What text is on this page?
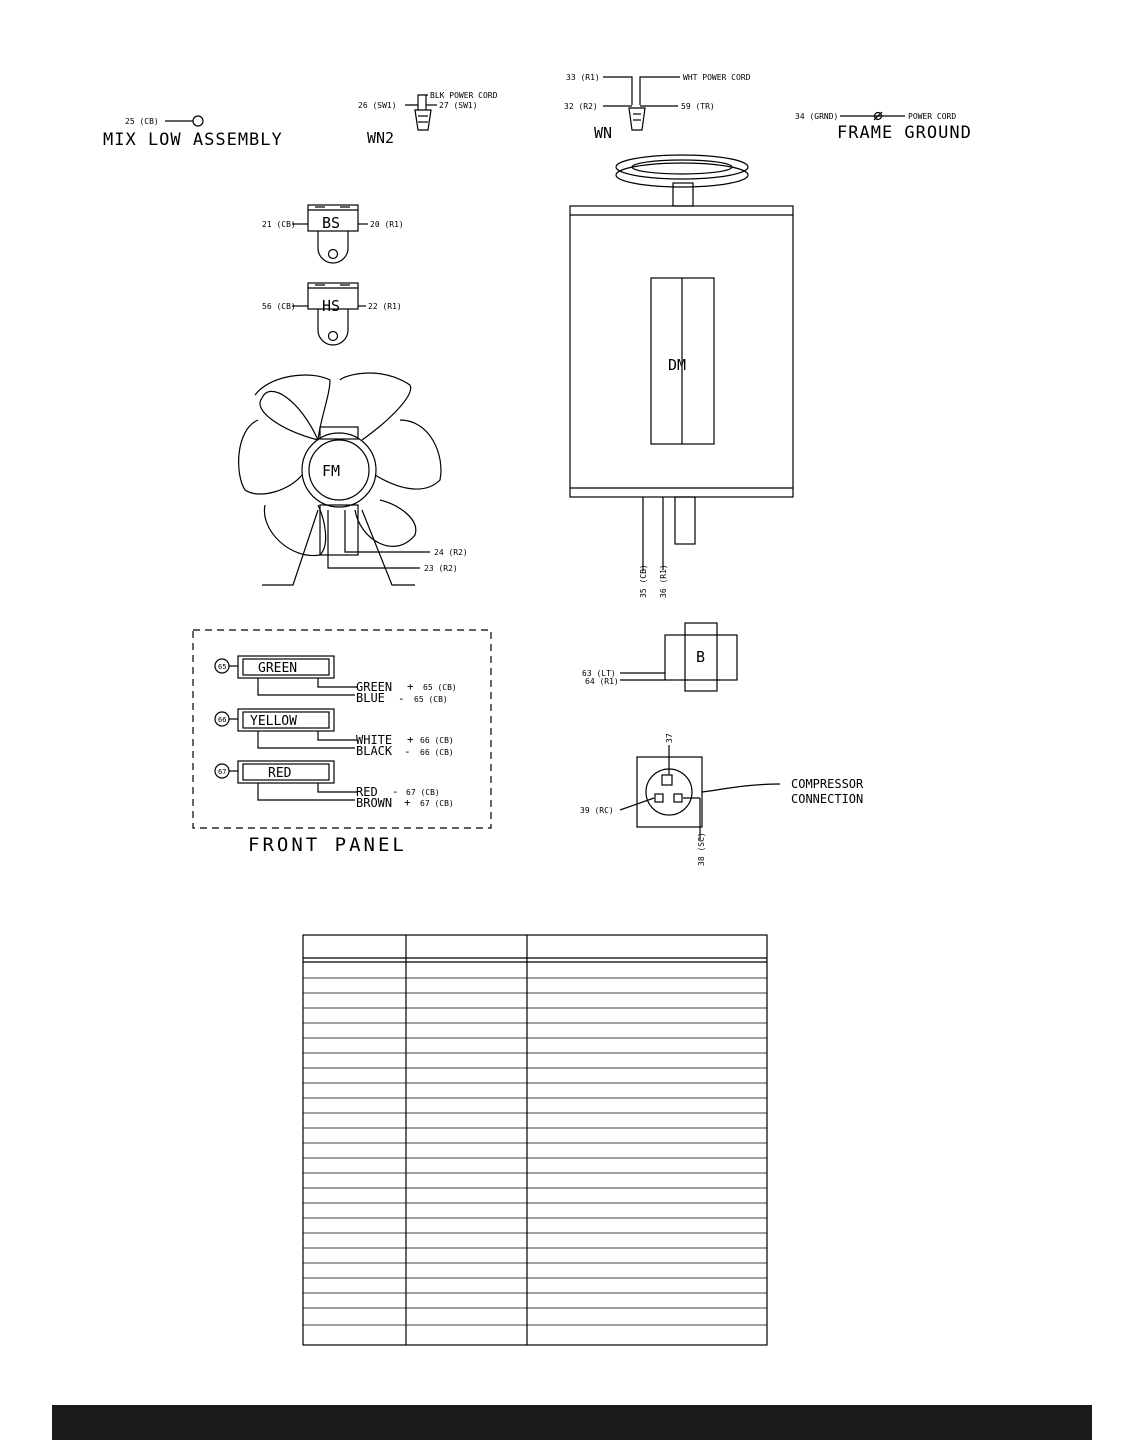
25 (CB)
MIX LOW ASSEMBLY
26 (SW1)
BLK POWER CORD
27 (SW1)
WN2
33 (R1)	WHT POWER CORD
32 (R2)	59 (TR)
WN
34 (GRND)	POWER CORD
FRAME GROUND
BS
21 (CB)	20 (R1)
HS
56 (CB)	22 (R1)
FM
24 (R2)
23 (R2)
DM
35 (CB) 36 (R1)
B
63 (LT)
64 (R1)
37
39 (RC)
38 (SC)
COMPRESSOR
CONNECTION
65 GREEN
GREEN + 65 (CB)
BLUE - 65 (CB)
66 YELLOW
WHITE + 66 (CB)
BLACK - 66 (CB)
67	RED
RED - 67 (CB)
BROWN + 67 (CB)
FRONT PANEL
